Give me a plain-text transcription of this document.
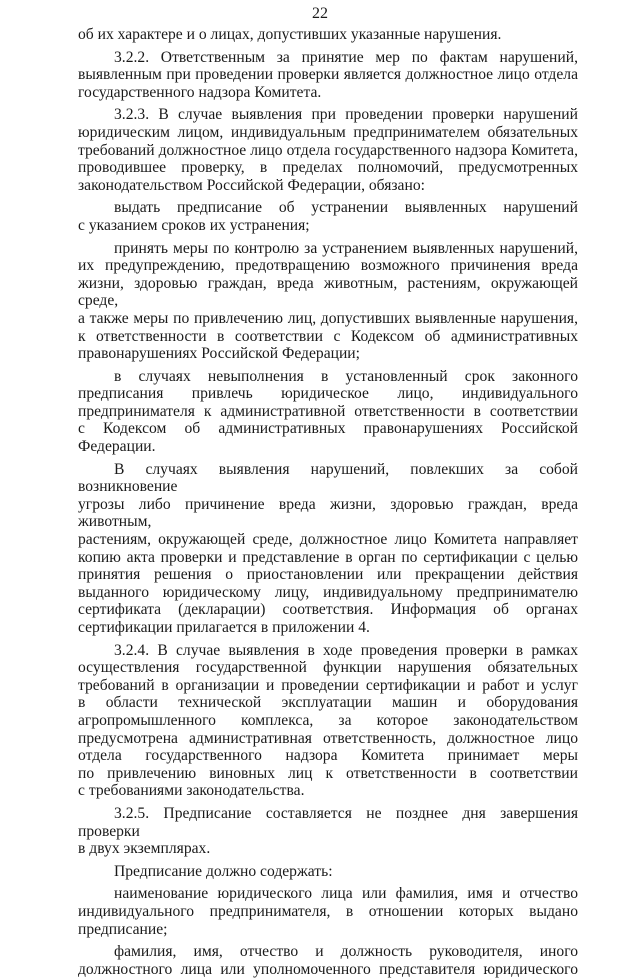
22

об их характере и о лицах, допустивших указанные нарушения.

3.2.2. Ответственным за принятие мер по фактам нарушений,

выявленным при проведении проверки является должностное лицо отдела

государственного надзора Комитета.

3.2.3. В случае выявления при проведении проверки нарушений

юридическим лицом, индивидуальным предпринимателем обязательных

требований должностное лицо отдела государственного надзора Комитета,

проводившее проверку, в пределах полномочий, предусмотренных

законодательством Российской Федерации, обязано:

выдать предписание об устранении выявленных нарушений

с указанием сроков их устранения;

принять меры по контролю за устранением выявленных нарушений,

их предупреждению, предотвращению возможного причинения вреда

жизни, здоровью граждан, вреда животным, растениям, окружающей среде,

а также меры по привлечению лиц, допустивших выявленные нарушения,

к ответственности в соответствии с Кодексом об административных

правонарушениях Российской Федерации;

в случаях невыполнения в установленный срок законного

предписания привлечь юридическое лицо, индивидуального

предпринимателя к административной ответственности в соответствии

с Кодексом об административных правонарушениях Российской

Федерации.

В случаях выявления нарушений, повлекших за собой возникновение

угрозы либо причинение вреда жизни, здоровью граждан, вреда животным,

растениям, окружающей среде, должностное лицо Комитета направляет

копию акта проверки и представление в орган по сертификации с целью

принятия решения о приостановлении или прекращении действия

выданного юридическому лицу, индивидуальному предпринимателю

сертификата (декларации) соответствия. Информация об органах

сертификации прилагается в приложении 4.

3.2.4. В случае выявления в ходе проведения проверки в рамках

осуществления государственной функции нарушения обязательных

требований в организации и проведении сертификации и работ и услуг

в области технической эксплуатации машин и оборудования

агропромышленного комплекса, за которое законодательством

предусмотрена административная ответственность, должностное лицо

отдела государственного надзора Комитета принимает меры

по привлечению виновных лиц к ответственности в соответствии

с требованиями законодательства.

3.2.5. Предписание составляется не позднее дня завершения проверки

в двух экземплярах.

Предписание должно содержать:

наименование юридического лица или фамилия, имя и отчество

индивидуального предпринимателя, в отношении которых выдано

предписание;

фамилия, имя, отчество и должность руководителя, иного

должностного лица или уполномоченного представителя юридического
